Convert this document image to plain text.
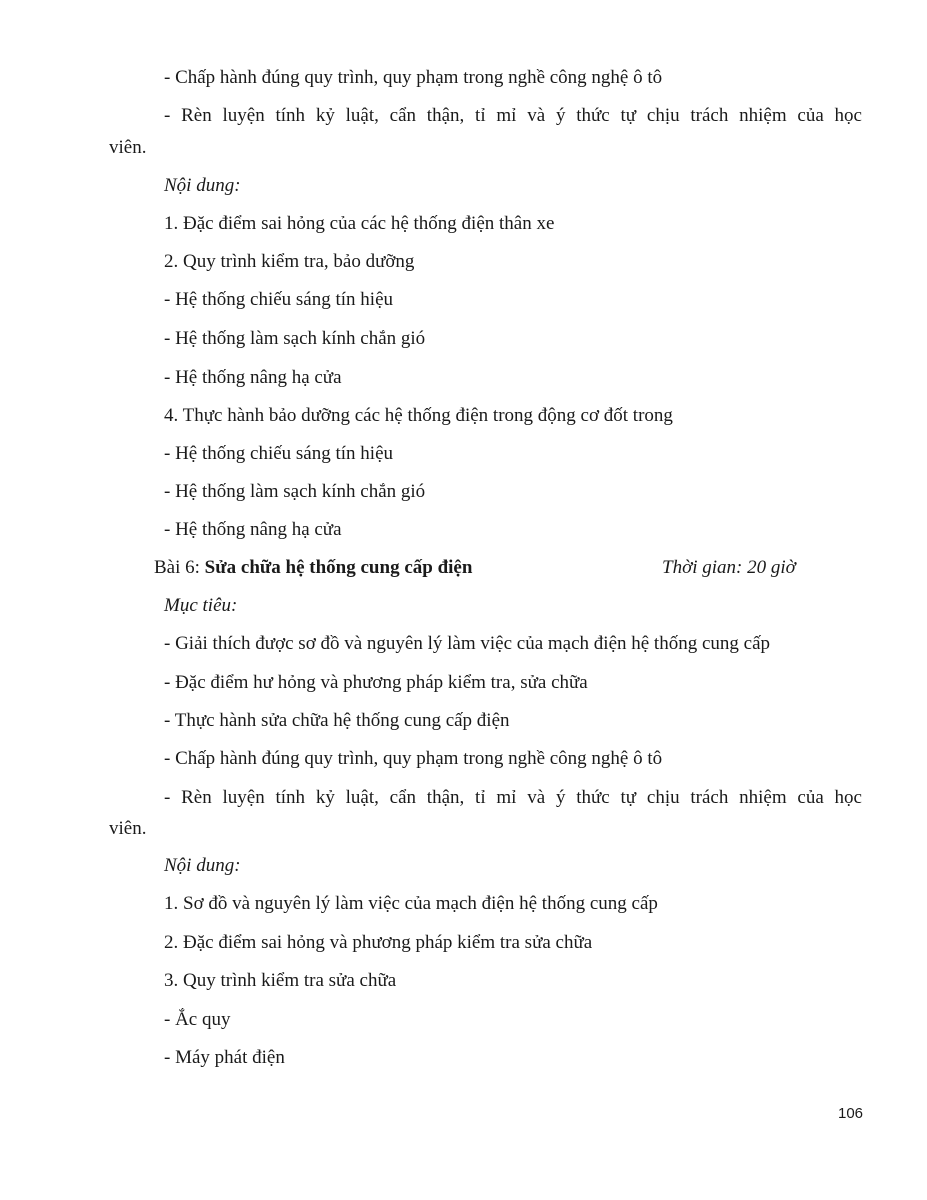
- Chấp hành đúng quy trình, quy phạm trong nghề công nghệ ô tô
- Rèn luyện tính kỷ luật, cẩn thận, tỉ mỉ và ý thức tự chịu trách nhiệm của học
viên.
Nội dung:
1. Đặc điểm sai hỏng của các hệ thống điện thân xe
2. Quy trình kiểm tra, bảo dưỡng
- Hệ thống chiếu sáng tín hiệu
- Hệ thống làm sạch kính chắn gió
- Hệ thống nâng hạ cửa
4. Thực hành bảo dưỡng các hệ thống điện trong động cơ đốt trong
- Hệ thống chiếu sáng tín hiệu
- Hệ thống làm sạch kính chắn gió
- Hệ thống nâng hạ cửa
Bài 6: Sửa chữa hệ thống cung cấp điện	Thời gian: 20 giờ
Mục tiêu:
- Giải thích được sơ đồ và nguyên lý làm việc của mạch điện hệ thống cung cấp
- Đặc điểm hư hỏng và phương pháp kiểm tra, sửa chữa
- Thực hành sửa chữa hệ thống cung cấp điện
- Chấp hành đúng quy trình, quy phạm trong nghề công nghệ ô tô
- Rèn luyện tính kỷ luật, cẩn thận, tỉ mỉ và ý thức tự chịu trách nhiệm của học
viên.
Nội dung:
1. Sơ đồ và nguyên lý làm việc của mạch điện hệ thống cung cấp
2. Đặc điểm sai hỏng và phương pháp kiểm tra sửa chữa
3. Quy trình kiểm tra sửa chữa
- Ắc quy
- Máy phát điện
106
